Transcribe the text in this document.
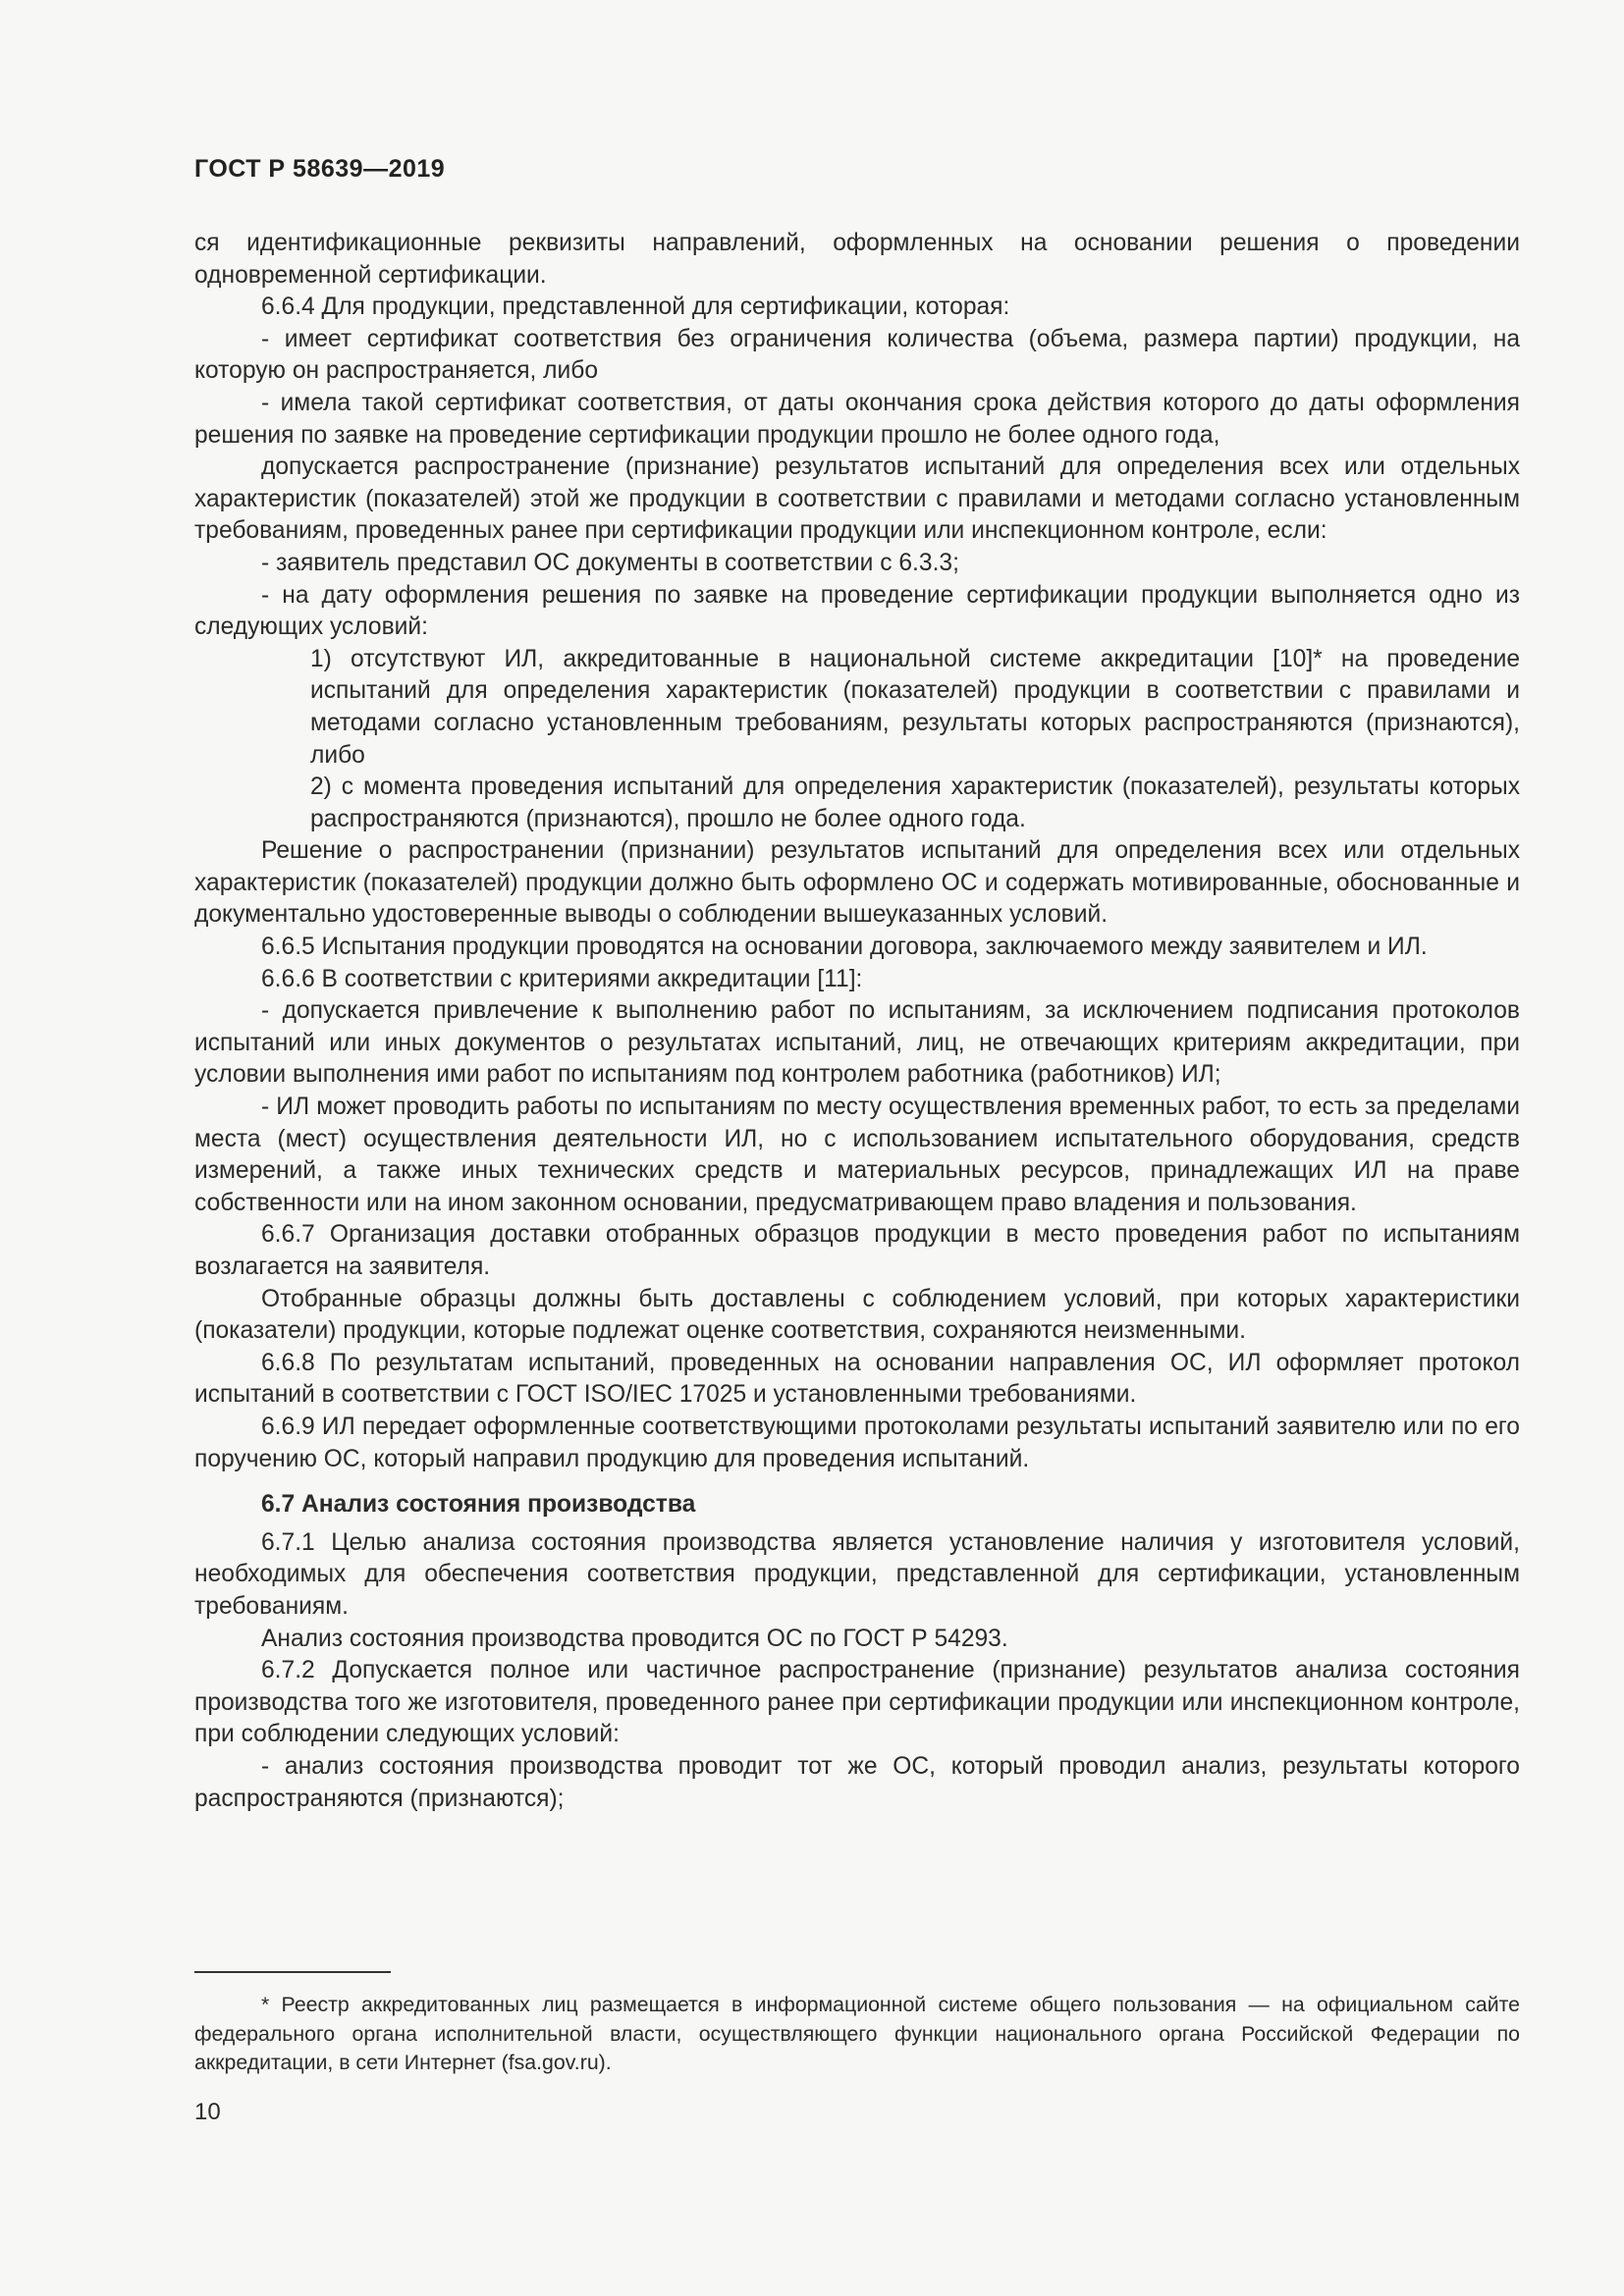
ГОСТ Р 58639—2019

ся идентификационные реквизиты направлений, оформленных на основании решения о проведении одновременной сертификации.

6.6.4 Для продукции, представленной для сертификации, которая:

- имеет сертификат соответствия без ограничения количества (объема, размера партии) продукции, на которую он распространяется, либо

- имела такой сертификат соответствия, от даты окончания срока действия которого до даты оформления решения по заявке на проведение сертификации продукции прошло не более одного года,

допускается распространение (признание) результатов испытаний для определения всех или отдельных характеристик (показателей) этой же продукции в соответствии с правилами и методами согласно установленным требованиям, проведенных ранее при сертификации продукции или инспекционном контроле, если:

- заявитель представил ОС документы в соответствии с 6.3.3;

- на дату оформления решения по заявке на проведение сертификации продукции выполняется одно из следующих условий:

1) отсутствуют ИЛ, аккредитованные в национальной системе аккредитации [10]* на проведение испытаний для определения характеристик (показателей) продукции в соответствии с правилами и методами согласно установленным требованиям, результаты которых распространяются (признаются), либо

2) с момента проведения испытаний для определения характеристик (показателей), результаты которых распространяются (признаются), прошло не более одного года.

Решение о распространении (признании) результатов испытаний для определения всех или отдельных характеристик (показателей) продукции должно быть оформлено ОС и содержать мотивированные, обоснованные и документально удостоверенные выводы о соблюдении вышеуказанных условий.

6.6.5 Испытания продукции проводятся на основании договора, заключаемого между заявителем и ИЛ.

6.6.6 В соответствии с критериями аккредитации [11]:

- допускается привлечение к выполнению работ по испытаниям, за исключением подписания протоколов испытаний или иных документов о результатах испытаний, лиц, не отвечающих критериям аккредитации, при условии выполнения ими работ по испытаниям под контролем работника (работников) ИЛ;

- ИЛ может проводить работы по испытаниям по месту осуществления временных работ, то есть за пределами места (мест) осуществления деятельности ИЛ, но с использованием испытательного оборудования, средств измерений, а также иных технических средств и материальных ресурсов, принадлежащих ИЛ на праве собственности или на ином законном основании, предусматривающем право владения и пользования.

6.6.7 Организация доставки отобранных образцов продукции в место проведения работ по испытаниям возлагается на заявителя.

Отобранные образцы должны быть доставлены с соблюдением условий, при которых характеристики (показатели) продукции, которые подлежат оценке соответствия, сохраняются неизменными.

6.6.8 По результатам испытаний, проведенных на основании направления ОС, ИЛ оформляет протокол испытаний в соответствии с ГОСТ ISO/IEC 17025 и установленными требованиями.

6.6.9 ИЛ передает оформленные соответствующими протоколами результаты испытаний заявителю или по его поручению ОС, который направил продукцию для проведения испытаний.

6.7 Анализ состояния производства

6.7.1 Целью анализа состояния производства является установление наличия у изготовителя условий, необходимых для обеспечения соответствия продукции, представленной для сертификации, установленным требованиям.

Анализ состояния производства проводится ОС по ГОСТ Р 54293.

6.7.2 Допускается полное или частичное распространение (признание) результатов анализа состояния производства того же изготовителя, проведенного ранее при сертификации продукции или инспекционном контроле, при соблюдении следующих условий:

- анализ состояния производства проводит тот же ОС, который проводил анализ, результаты которого распространяются (признаются);

* Реестр аккредитованных лиц размещается в информационной системе общего пользования — на официальном сайте федерального органа исполнительной власти, осуществляющего функции национального органа Российской Федерации по аккредитации, в сети Интернет (fsa.gov.ru).

10
